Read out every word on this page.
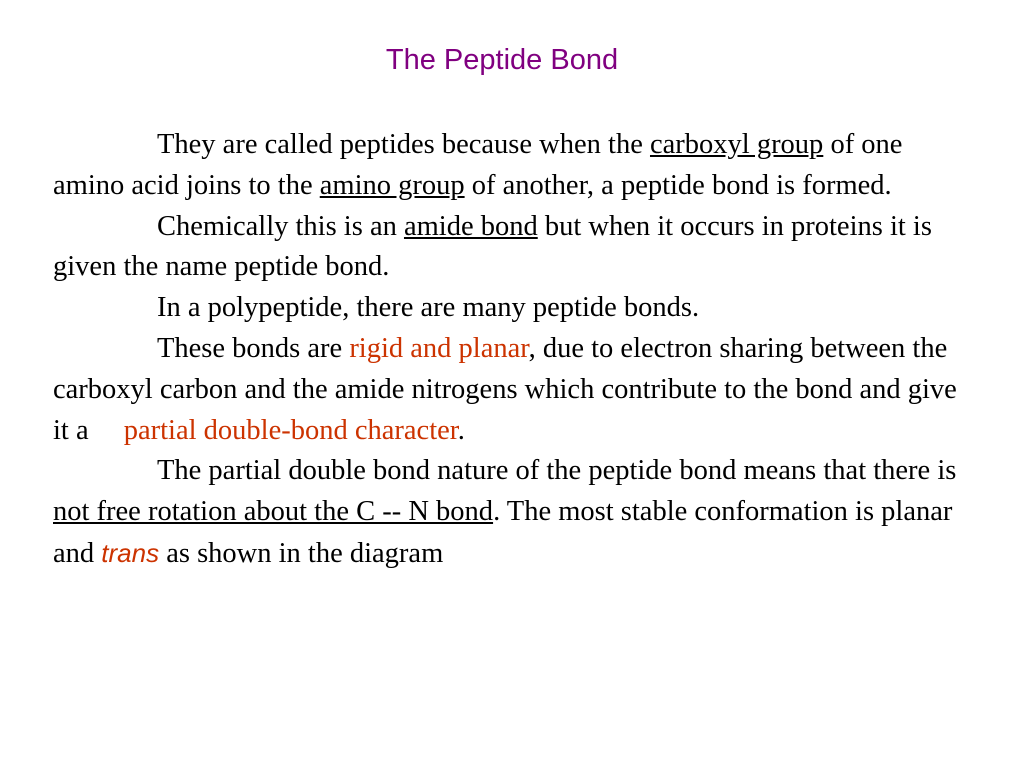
The Peptide Bond

They are called peptides because when the carboxyl group of one amino acid joins to the amino group of another, a peptide bond is formed.

Chemically this is an amide bond but when it occurs in proteins it is given the name peptide bond.

In a polypeptide, there are many peptide bonds.

These bonds are rigid and planar, due to electron sharing between the carboxyl carbon and the amide nitrogens which contribute to the bond and give it a partial double-bond character.

The partial double bond nature of the peptide bond means that there is not free rotation about the C -- N bond. The most stable conformation is planar and trans as shown in the diagram
